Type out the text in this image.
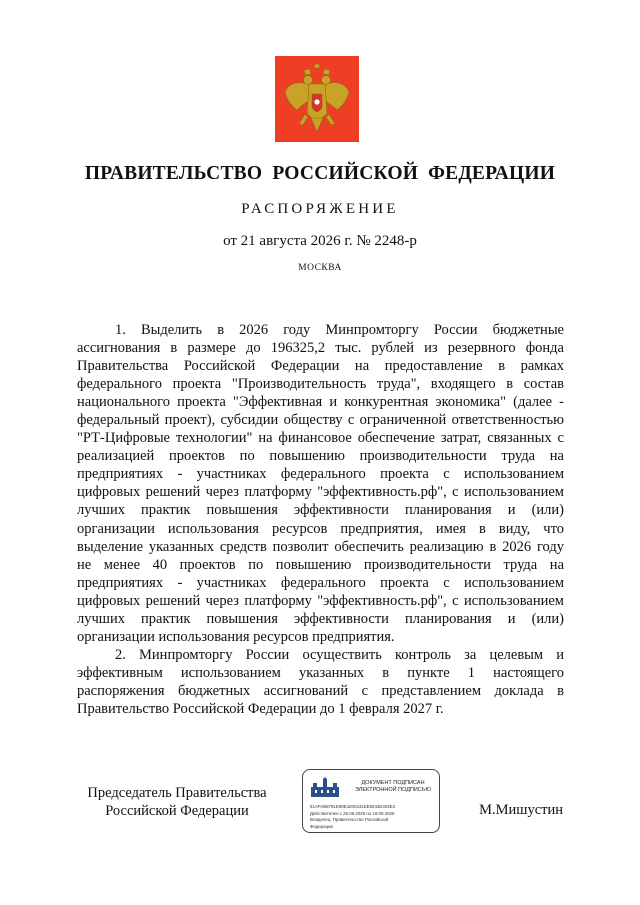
ПРАВИТЕЛЬСТВО РОССИЙСКОЙ ФЕДЕРАЦИИ
РАСПОРЯЖЕНИЕ
от 21 августа 2026 г. № 2248-р
МОСКВА

1. Выделить в 2026 году Минпромторгу России бюджетные ассигнования в размере до 196325,2 тыс. рублей из резервного фонда Правительства Российской Федерации на предоставление в рамках федерального проекта "Производительность труда", входящего в состав национального проекта "Эффективная и конкурентная экономика" (далее - федеральный проект), субсидии обществу с ограниченной ответственностью "РТ-Цифровые технологии" на финансовое обеспечение затрат, связанных с реализацией проектов по повышению производительности труда на предприятиях - участниках федерального проекта с использованием цифровых решений через платформу "эффективность.рф", с использованием лучших практик повышения эффективности планирования и (или) организации использования ресурсов предприятия, имея в виду, что выделение указанных средств позволит обеспечить реализацию в 2026 году не менее 40 проектов по повышению производительности труда на предприятиях - участниках федерального проекта с использованием цифровых решений через платформу "эффективность.рф", с использованием лучших практик повышения эффективности планирования и (или) организации использования ресурсов предприятия.

2. Минпромторгу России осуществить контроль за целевым и эффективным использованием указанных в пункте 1 настоящего распоряжения бюджетных ассигнований с представлением доклада в Правительство Российской Федерации до 1 февраля 2027 г.

Председатель Правительства
Российской Федерации
ДОКУМЕНТ ПОДПИСАН ЭЛЕКТРОННОЙ ПОДПИСЬЮ
51AFAB8781E99E4200431EE5043E303E3
Действителен с 26.06.2025 по 19.09.2026
Владелец: Правительство Российской
Федерации
М.Мишустин
